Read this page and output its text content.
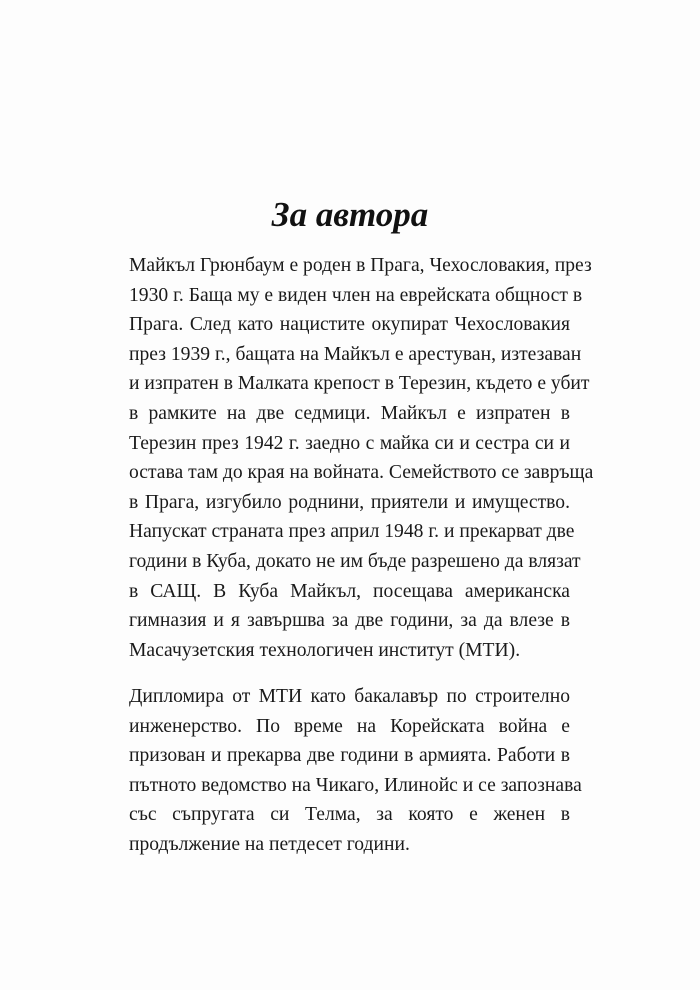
За автора
Майкъл Грюнбаум е роден в Прага, Чехословакия, през
1930 г. Баща му е виден член на еврейската общност в
Прага. След като нацистите окупират Чехословакия
през 1939 г., бащата на Майкъл е арестуван, изтезаван
и изпратен в Малката крепост в Терезин, където е убит
в рамките на две седмици. Майкъл е изпратен в
Терезин през 1942 г. заедно с майка си и сестра си и
остава там до края на войната. Семейството се завръща
в Прага, изгубило роднини, приятели и имущество.
Напускат страната през април 1948 г. и прекарват две
години в Куба, докато не им бъде разрешено да влязат
в САЩ. В Куба Майкъл, посещава американска
гимназия и я завършва за две години, за да влезе в
Масачузетския технологичен институт (МТИ).
Дипломира от МТИ като бакалавър по строително
инженерство. По време на Корейската война е
призован и прекарва две години в армията. Работи в
пътното ведомство на Чикаго, Илинойс и се запознава
със съпругата си Телма, за която е женен в
продължение на петдесет години.
